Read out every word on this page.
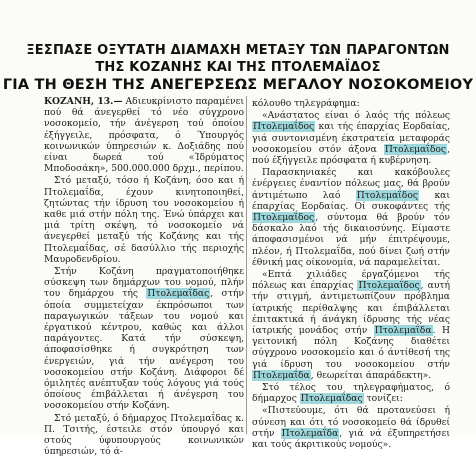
ΞΕΣΠΑΣΕ ΟΞΥΤΑΤΗ ΔΙΑΜΑΧΗ ΜΕΤΑΞΥ ΤΩΝ ΠΑΡΑΓΟΝΤΩΝ
ΤΗΣ ΚΟΖΑΝΗΣ ΚΑΙ ΤΗΣ ΠΤΟΛΕΜΑΪΔΟΣ
ΓΙΑ ΤΗ ΘΕΣΗ ΤΗΣ ΑΝΕΓΕΡΣΕΩΣ ΜΕΓΑΛΟΥ ΝΟΣΟΚΟΜΕΙΟΥ

ΚΟΖΑΝΗ, 13.— Αδιευκρίνιστο παραμένει πού θά άνεγερθεί τό νέο σύγχρονο νοσοκομείο, τήν άνέγερση τού όποίου έξήγγειλε, πρόσφατα, ό Ύπουργός κοινωνικών ύπηρεσιών κ. Δοξιάδης πού είναι δωρεά τού «Ίδρύματος Μποδοσάκη», 500.000.000 δρχμ., περίπου.

Στό μεταξύ, τόσο ή Κοζάνη, όσο και ή Πτολεμαΐδα, έχουν κινητοποιηθεί, ζητώντας τήν ίδρυση του νοσοκομείου ή καθε μιά στήν πόλη της. Ένώ ύπάρχει και μιά τρίτη σκέψη, τό νοσοκομείο νά άνεγερθεί μεταξύ τής Κοζάνης και τής Πτολεμαΐδας, σέ δασύλλιο τής περιοχής Μαυροδενδρίου.

Στήν Κοζάνη πραγματοποιήθηκε σύσκεψη των δημάρχων του νομού, πλήν του δημάρχου τής Πτολεμαΐδας, στήν όποία συμμετείχαν έκπρόσωποι των παραγωγικών τάξεων του νομού και έργατικού κέντρου, καθώς και άλλοι παράγοντες. Κατά τήν σύσκεψη, άποφασίσθηκε ή συγκρότηση των ένεργειών, γιά τήν ανέγερση του νοσοκομείου στήν Κοζάνη. Διάφοροι δέ όμιλητές ανέπτυξαν τούς λόγους γιά τούς όποίους έπιβάλλεται ή άνέγερση του νοσοκομείου στήν Κοζάνη.

Στό μεταξύ, ό δήμαρχος Πτολεμαΐδας κ. Π. Τσιτής, έστειλε στόν ύπουργό και στούς ύφυπουργούς κοινωνικών ύπηρεσιών, τό ά-

κόλουθο τηλεγράφημα:

«Ανάστατος είναι ό λαός τής πόλεως Πτολεμαΐδος και τής έπαρχίας Εορδαίας, γιά συντονισμένη έκστρατεία μεταφοράς νοσοκομείου στόν άξονα Πτολεμαΐδος, πού έξήγγειλε πρόσφατα ή κυβέρνηση.

Παρασκηνιακές και κακόβουλες ένέργειες έναντίον πόλεως μας, θά βρούν άντιμέτωπο λαό Πτολεμαΐδος και έπαρχίας Εορδαίας. Οί συκοφάντες τής Πτολεμαΐδος, σύντομα θά βρούν τόν δάσκαλο λαό τής δικαιοσύνης. Είμαστε άποφασισμένοι νά μήν έπιτρέψουμε, πλέον, ή Πτολεμαΐδα, πού δίνει ζωή στήν έθνική μας οίκονομία, νά παραμελείται.

«Επτά χιλιάδες έργαζόμενοι τής πόλεως και έπαρχίας Πτολεμαΐδος, αυτή τήν στιγμή, άντιμετωπίζουν πρόβλημα ίατρικής περίθαλψης και έπιβάλλεται έπιτακτικά ή άνάγκη ίδρυσης τής νέας ίατρικής μονάδος στήν Πτολεμαΐδα. Η γειτονική πόλη Κοζάνης διαθέτει σύγχρονο νοσοκομείο και ό άντίθεσή της γιά ίδρυση του νοσοκομείου στήν Πτολεμαΐδα, θεωρείται άπαράδεκτη».

Στό τέλος του τηλεγραφήματος, ό δήμαρχος Πτολεμαΐδας τονίζει:

«Πιστεύουμε, ότι θά προτανεύσει ή σύνεση και ότι τό νοσοκομείο θά ίδρυθεί στήν Πτολεμαΐδα, γιά νά έξυπηρετήσει και τούς άκριτικούς νομούς».
